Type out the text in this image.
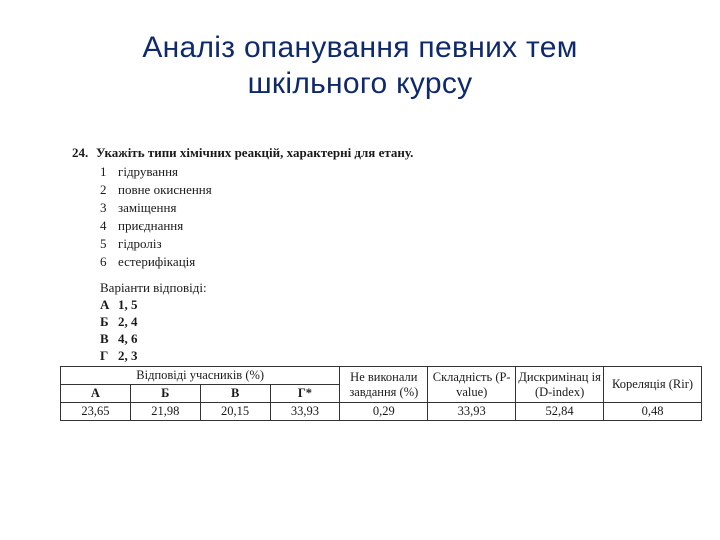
Аналіз опанування певних тем
шкільного курсу
24. Укажіть типи хімічних реакцій, характерні для етану.
1 гідрування
2 повне окиснення
3 заміщення
4 приєднання
5 гідроліз
6 естерифікація
Варіанти відповіді:
А 1, 5
Б 2, 4
В 4, 6
Г 2, 3
Відповіді учасників (%)				Не виконали завдання (%)	Складність (P-value)	Дискримінац ія (D-index)	Кореляція (Rir)
А	Б	В	Г*				
23,65	21,98	20,15	33,93	0,29	33,93	52,84	0,48
